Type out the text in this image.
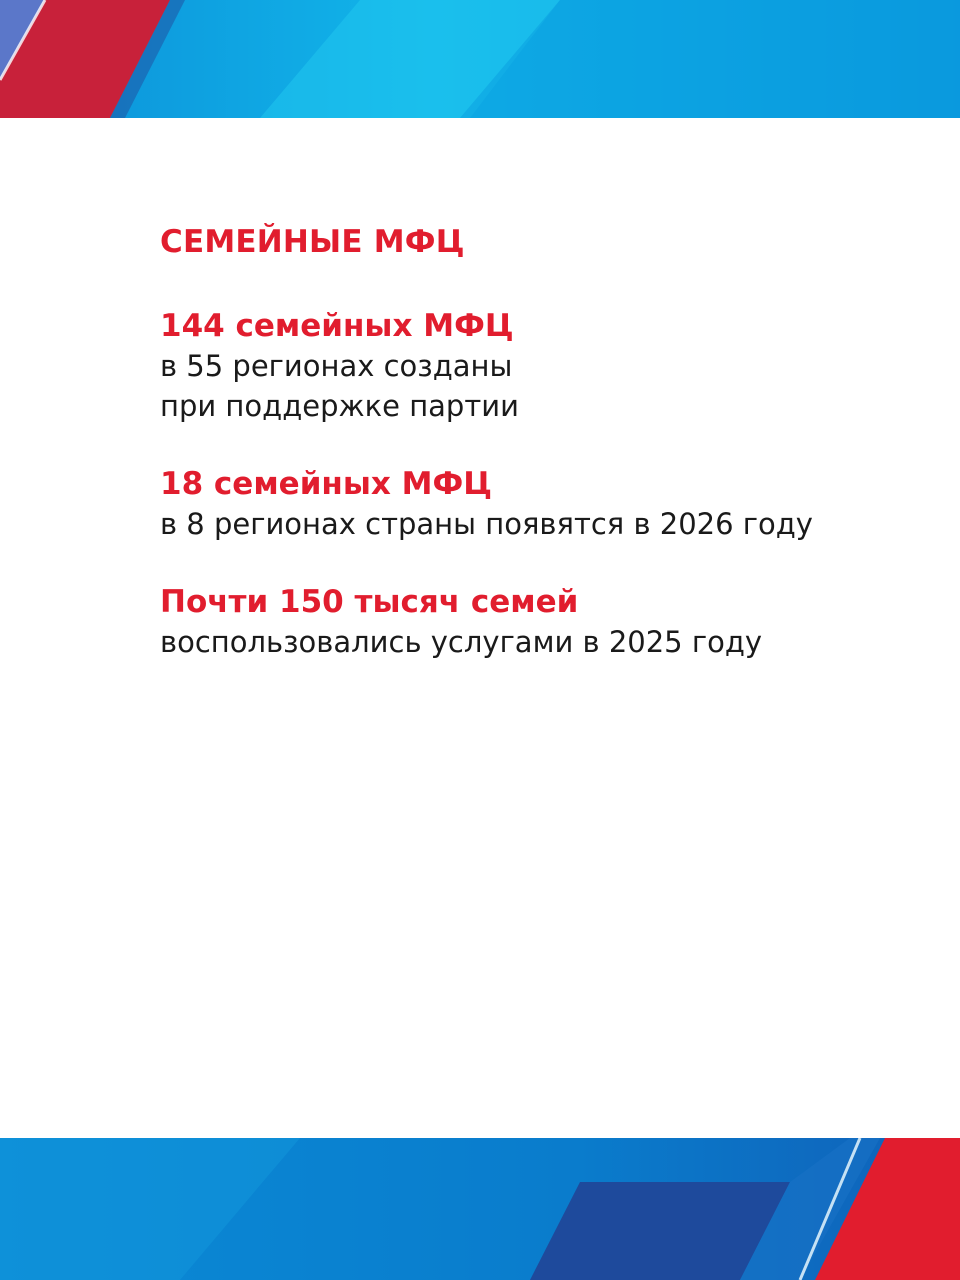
СЕМЕЙНЫЕ МФЦ
144 семейных МФЦ
в 55 регионах созданы
при поддержке партии
18 семейных МФЦ
в 8 регионах страны появятся в 2026 году
Почти 150 тысяч семей
воспользовались услугами в 2025 году
